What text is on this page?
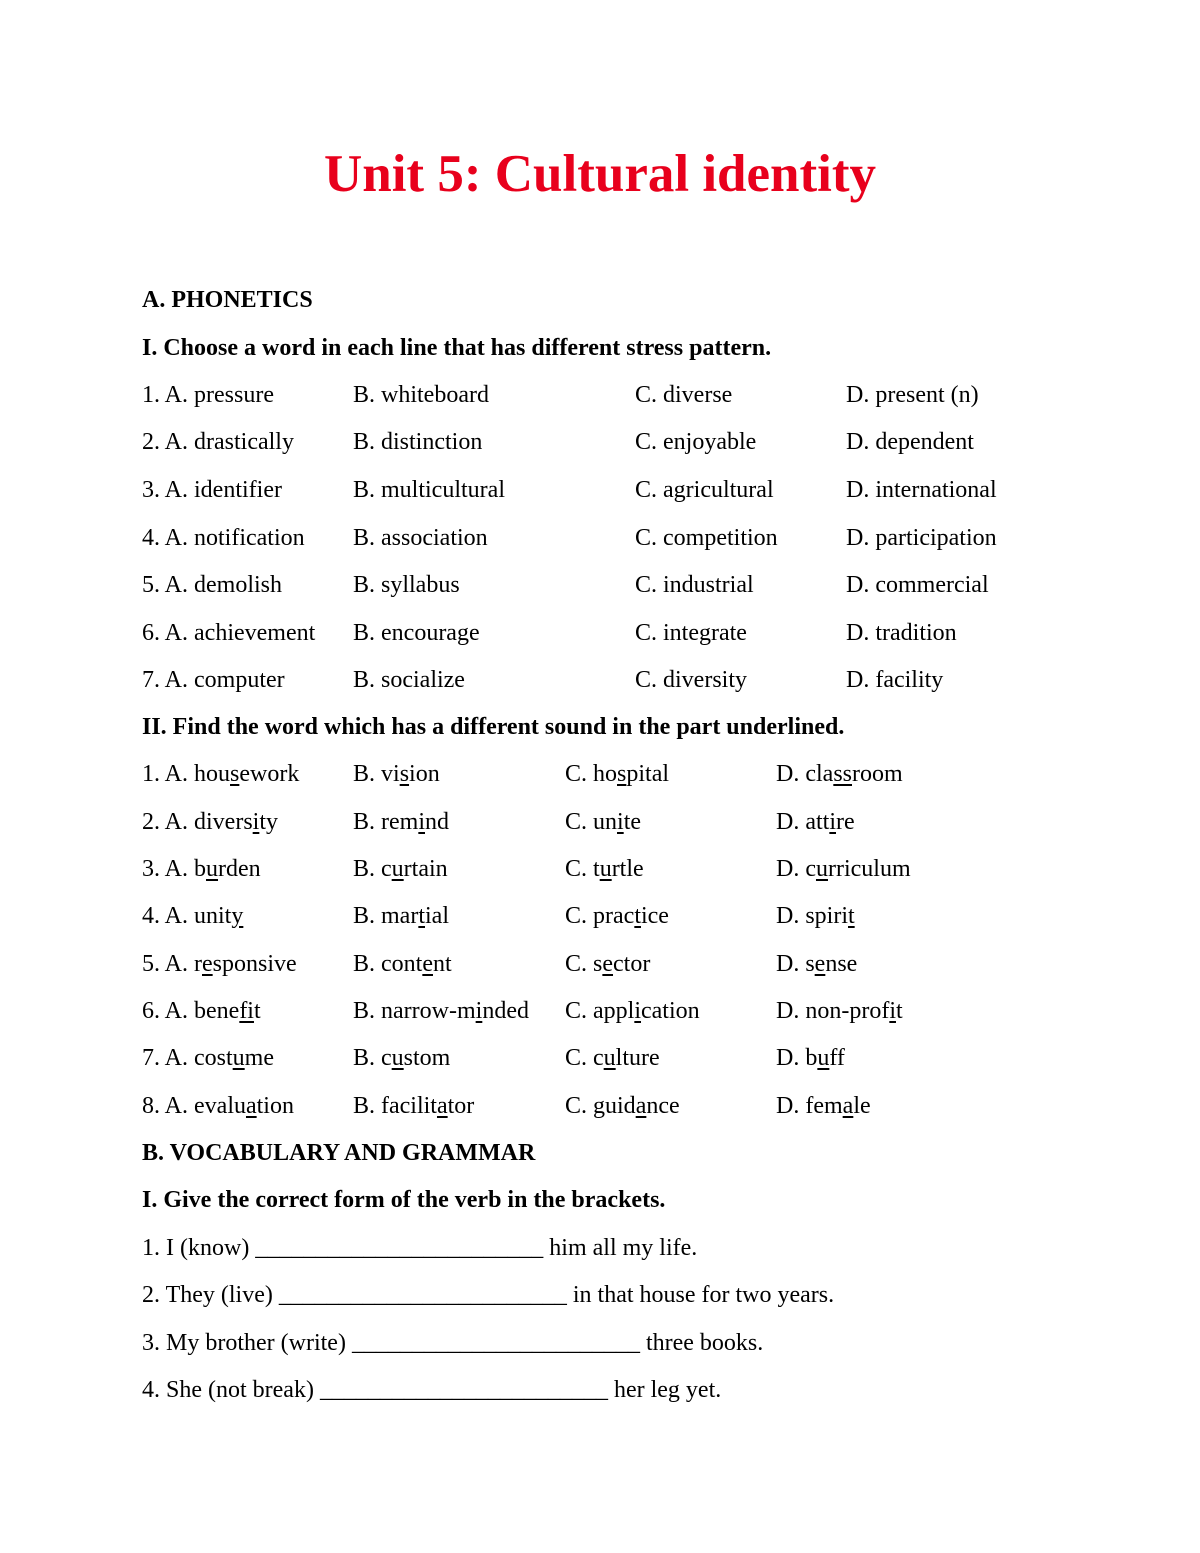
Unit 5: Cultural identity
A. PHONETICS
I. Choose a word in each line that has different stress pattern.
1. A. pressure	B. whiteboard	C. diverse	D. present (n)
2. A. drastically B. distinction	C. enjoyable	D. dependent
3. A. identifier	B. multicultural	C. agricultural	D. international
4. A. notification B. association	C. competition	D. participation
5. A. demolish	B. syllabus	C. industrial	D. commercial
6. A. achievement B. encourage	C. integrate	D. tradition
7. A. computer	B. socialize	C. diversity	D. facility
II. Find the word which has a different sound in the part underlined.
1. A. housework B. vision	C. hospital	D. classroom
2. A. diversity	B. remind	C. unite	D. attire
3. A. burden	B. curtain	C. turtle	D. curriculum
4. A. unity	B. martial	C. practice	D. spirit
5. A. responsive B. content	C. sector	D. sense
6. A. benefit	B. narrow-minded C. application	D. non-profit
7. A. costume	B. custom	C. culture	D. buff
8. A. evaluation B. facilitator	C. guidance	D. female
B. VOCABULARY AND GRAMMAR
I. Give the correct form of the verb in the brackets.
1. I (know) ________________________ him all my life.
2. They (live) ________________________ in that house for two years.
3. My brother (write) ________________________ three books.
4. She (not break) ________________________ her leg yet.
